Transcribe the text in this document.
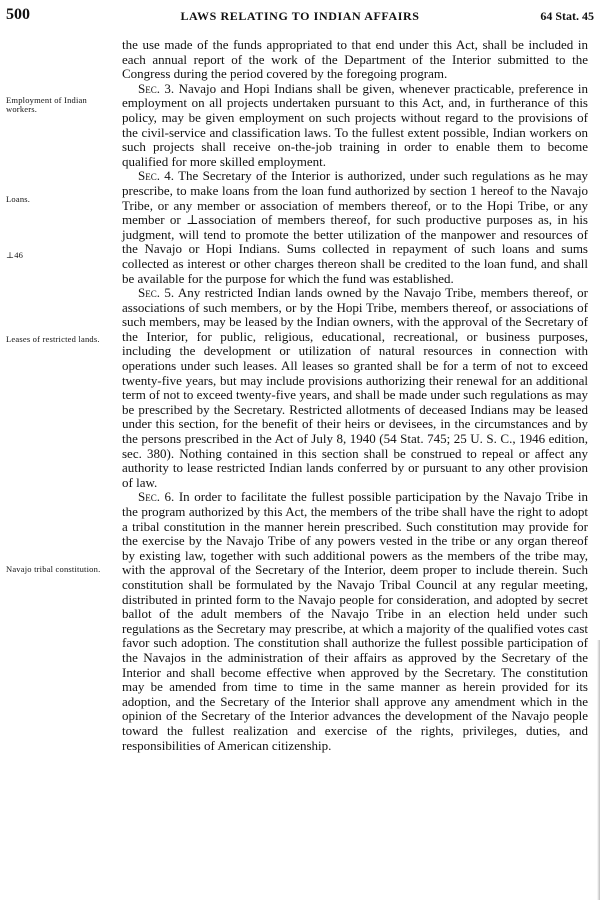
500	LAWS RELATING TO INDIAN AFFAIRS	64 Stat. 45
Employment of Indian workers.
Loans.
⊥46
Leases of restricted lands.
Navajo tribal constitution.

the use made of the funds appropriated to that end under this Act, shall be included in each annual report of the work of the Department of the Interior submitted to the Congress during the period covered by the foregoing program.

Sec. 3. Navajo and Hopi Indians shall be given, whenever practicable, preference in employment on all projects undertaken pursuant to this Act, and, in furtherance of this policy, may be given employment on such projects without regard to the provisions of the civil-service and classification laws. To the fullest extent possible, Indian workers on such projects shall receive on-the-job training in order to enable them to become qualified for more skilled employment.

Sec. 4. The Secretary of the Interior is authorized, under such regulations as he may prescribe, to make loans from the loan fund authorized by section 1 hereof to the Navajo Tribe, or any member or association of members thereof, or to the Hopi Tribe, or any member or ⊥association of members thereof, for such productive purposes as, in his judgment, will tend to promote the better utilization of the manpower and resources of the Navajo or Hopi Indians. Sums collected in repayment of such loans and sums collected as interest or other charges thereon shall be credited to the loan fund, and shall be available for the purpose for which the fund was established.

Sec. 5. Any restricted Indian lands owned by the Navajo Tribe, members thereof, or associations of such members, or by the Hopi Tribe, members thereof, or associations of such members, may be leased by the Indian owners, with the approval of the Secretary of the Interior, for public, religious, educational, recreational, or business purposes, including the development or utilization of natural resources in connection with operations under such leases. All leases so granted shall be for a term of not to exceed twenty-five years, but may include provisions authorizing their renewal for an additional term of not to exceed twenty-five years, and shall be made under such regulations as may be prescribed by the Secretary. Restricted allotments of deceased Indians may be leased under this section, for the benefit of their heirs or devisees, in the circumstances and by the persons prescribed in the Act of July 8, 1940 (54 Stat. 745; 25 U. S. C., 1946 edition, sec. 380). Nothing contained in this section shall be construed to repeal or affect any authority to lease restricted Indian lands conferred by or pursuant to any other provision of law.

Sec. 6. In order to facilitate the fullest possible participation by the Navajo Tribe in the program authorized by this Act, the members of the tribe shall have the right to adopt a tribal constitution in the manner herein prescribed. Such constitution may provide for the exercise by the Navajo Tribe of any powers vested in the tribe or any organ thereof by existing law, together with such additional powers as the members of the tribe may, with the approval of the Secretary of the Interior, deem proper to include therein. Such constitution shall be formulated by the Navajo Tribal Council at any regular meeting, distributed in printed form to the Navajo people for consideration, and adopted by secret ballot of the adult members of the Navajo Tribe in an election held under such regulations as the Secretary may prescribe, at which a majority of the qualified votes cast favor such adoption. The constitution shall authorize the fullest possible participation of the Navajos in the administration of their affairs as approved by the Secretary of the Interior and shall become effective when approved by the Secretary. The constitution may be amended from time to time in the same manner as herein provided for its adoption, and the Secretary of the Interior shall approve any amendment which in the opinion of the Secretary of the Interior advances the development of the Navajo people toward the fullest realization and exercise of the rights, privileges, duties, and responsibilities of American citizenship.
